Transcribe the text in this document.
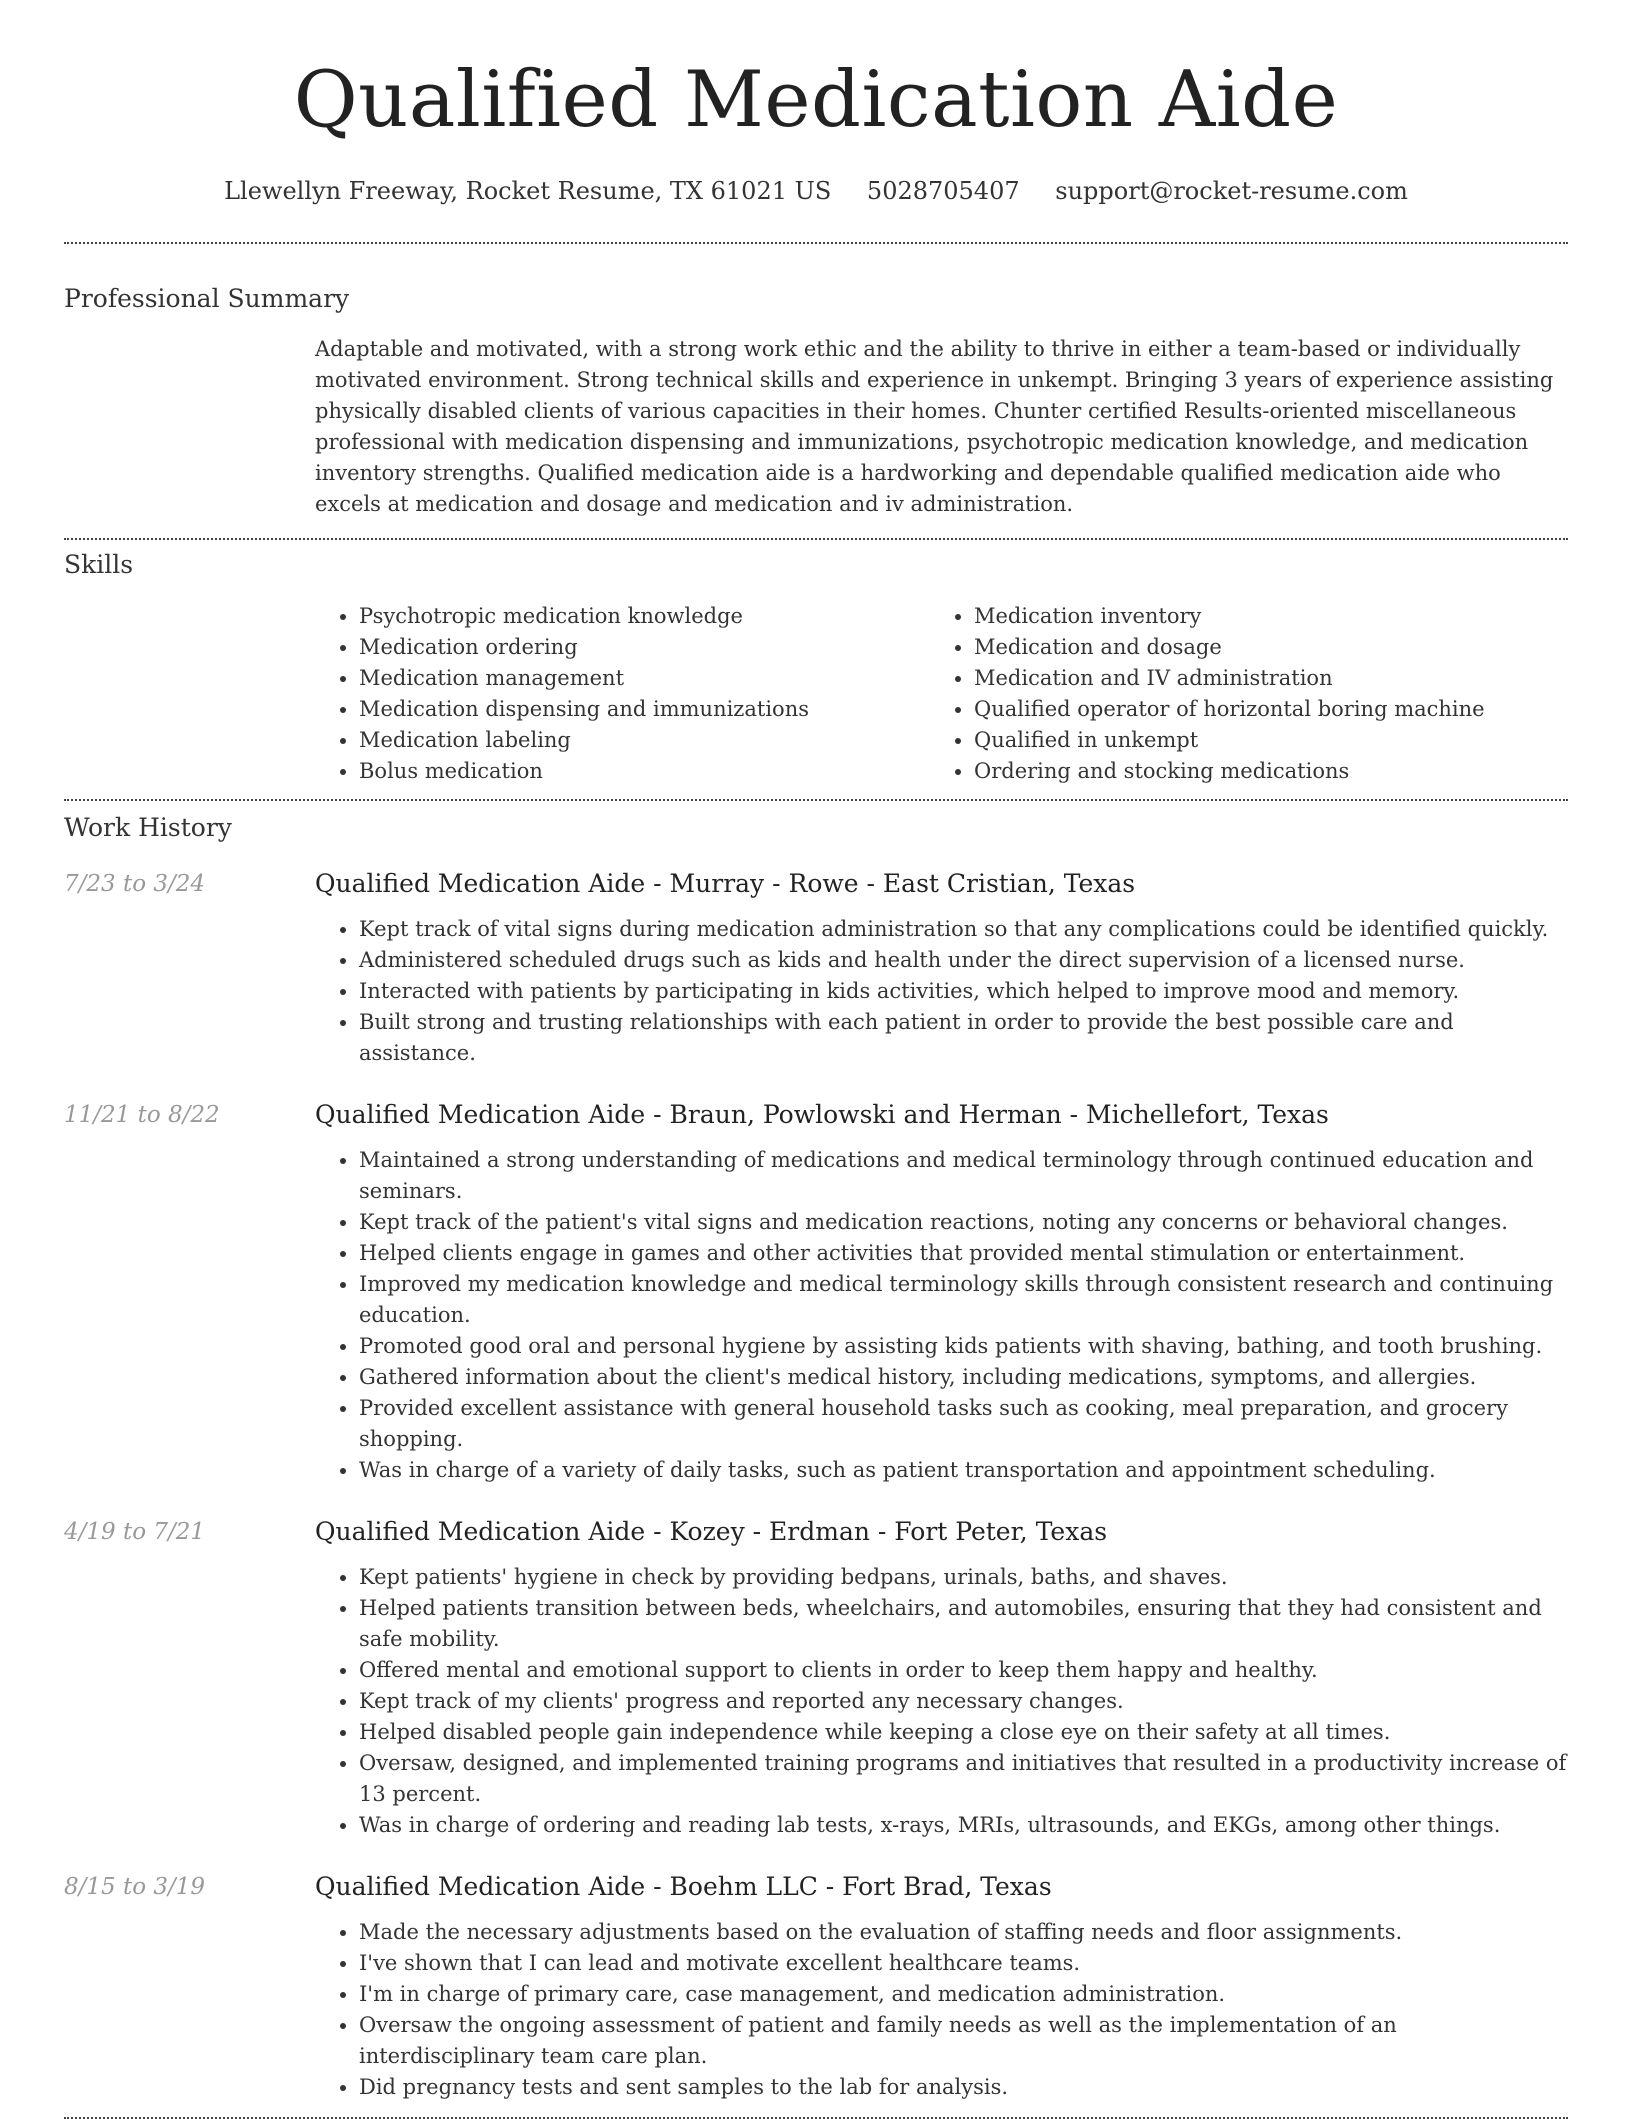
Qualified Medication Aide
Llewellyn Freeway, Rocket Resume, TX 61021 US 5028705407 support@rocket-resume.com
Professional Summary

Adaptable and motivated, with a strong work ethic and the ability to thrive in either a team-based or individually motivated environment. Strong technical skills and experience in unkempt. Bringing 3 years of experience assisting physically disabled clients of various capacities in their homes. Chunter certified Results-oriented miscellaneous professional with medication dispensing and immunizations, psychotropic medication knowledge, and medication inventory strengths. Qualified medication aide is a hardworking and dependable qualified medication aide who excels at medication and dosage and medication and iv administration.

Skills
• Psychotropic medication knowledge
• Medication ordering
• Medication management
• Medication dispensing and immunizations
• Medication labeling
• Bolus medication
• Medication inventory
• Medication and dosage
• Medication and IV administration
• Qualified operator of horizontal boring machine
• Qualified in unkempt
• Ordering and stocking medications
Work History
7/23 to 3/24	Qualified Medication Aide - Murray - Rowe - East Cristian, Texas
• Kept track of vital signs during medication administration so that any complications could be identified quickly.
• Administered scheduled drugs such as kids and health under the direct supervision of a licensed nurse.
• Interacted with patients by participating in kids activities, which helped to improve mood and memory.
• Built strong and trusting relationships with each patient in order to provide the best possible care and assistance.
11/21 to 8/22	Qualified Medication Aide - Braun, Powlowski and Herman - Michellefort, Texas
• Maintained a strong understanding of medications and medical terminology through continued education and seminars.
• Kept track of the patient's vital signs and medication reactions, noting any concerns or behavioral changes.
• Helped clients engage in games and other activities that provided mental stimulation or entertainment.
• Improved my medication knowledge and medical terminology skills through consistent research and continuing education.
• Promoted good oral and personal hygiene by assisting kids patients with shaving, bathing, and tooth brushing.
• Gathered information about the client's medical history, including medications, symptoms, and allergies.
• Provided excellent assistance with general household tasks such as cooking, meal preparation, and grocery shopping.
• Was in charge of a variety of daily tasks, such as patient transportation and appointment scheduling.
4/19 to 7/21	Qualified Medication Aide - Kozey - Erdman - Fort Peter, Texas
• Kept patients' hygiene in check by providing bedpans, urinals, baths, and shaves.
• Helped patients transition between beds, wheelchairs, and automobiles, ensuring that they had consistent and safe mobility.
• Offered mental and emotional support to clients in order to keep them happy and healthy.
• Kept track of my clients' progress and reported any necessary changes.
• Helped disabled people gain independence while keeping a close eye on their safety at all times.
• Oversaw, designed, and implemented training programs and initiatives that resulted in a productivity increase of 13 percent.
• Was in charge of ordering and reading lab tests, x-rays, MRIs, ultrasounds, and EKGs, among other things.
8/15 to 3/19	Qualified Medication Aide - Boehm LLC - Fort Brad, Texas
• Made the necessary adjustments based on the evaluation of staffing needs and floor assignments.
• I've shown that I can lead and motivate excellent healthcare teams.
• I'm in charge of primary care, case management, and medication administration.
• Oversaw the ongoing assessment of patient and family needs as well as the implementation of an interdisciplinary team care plan.
• Did pregnancy tests and sent samples to the lab for analysis.
